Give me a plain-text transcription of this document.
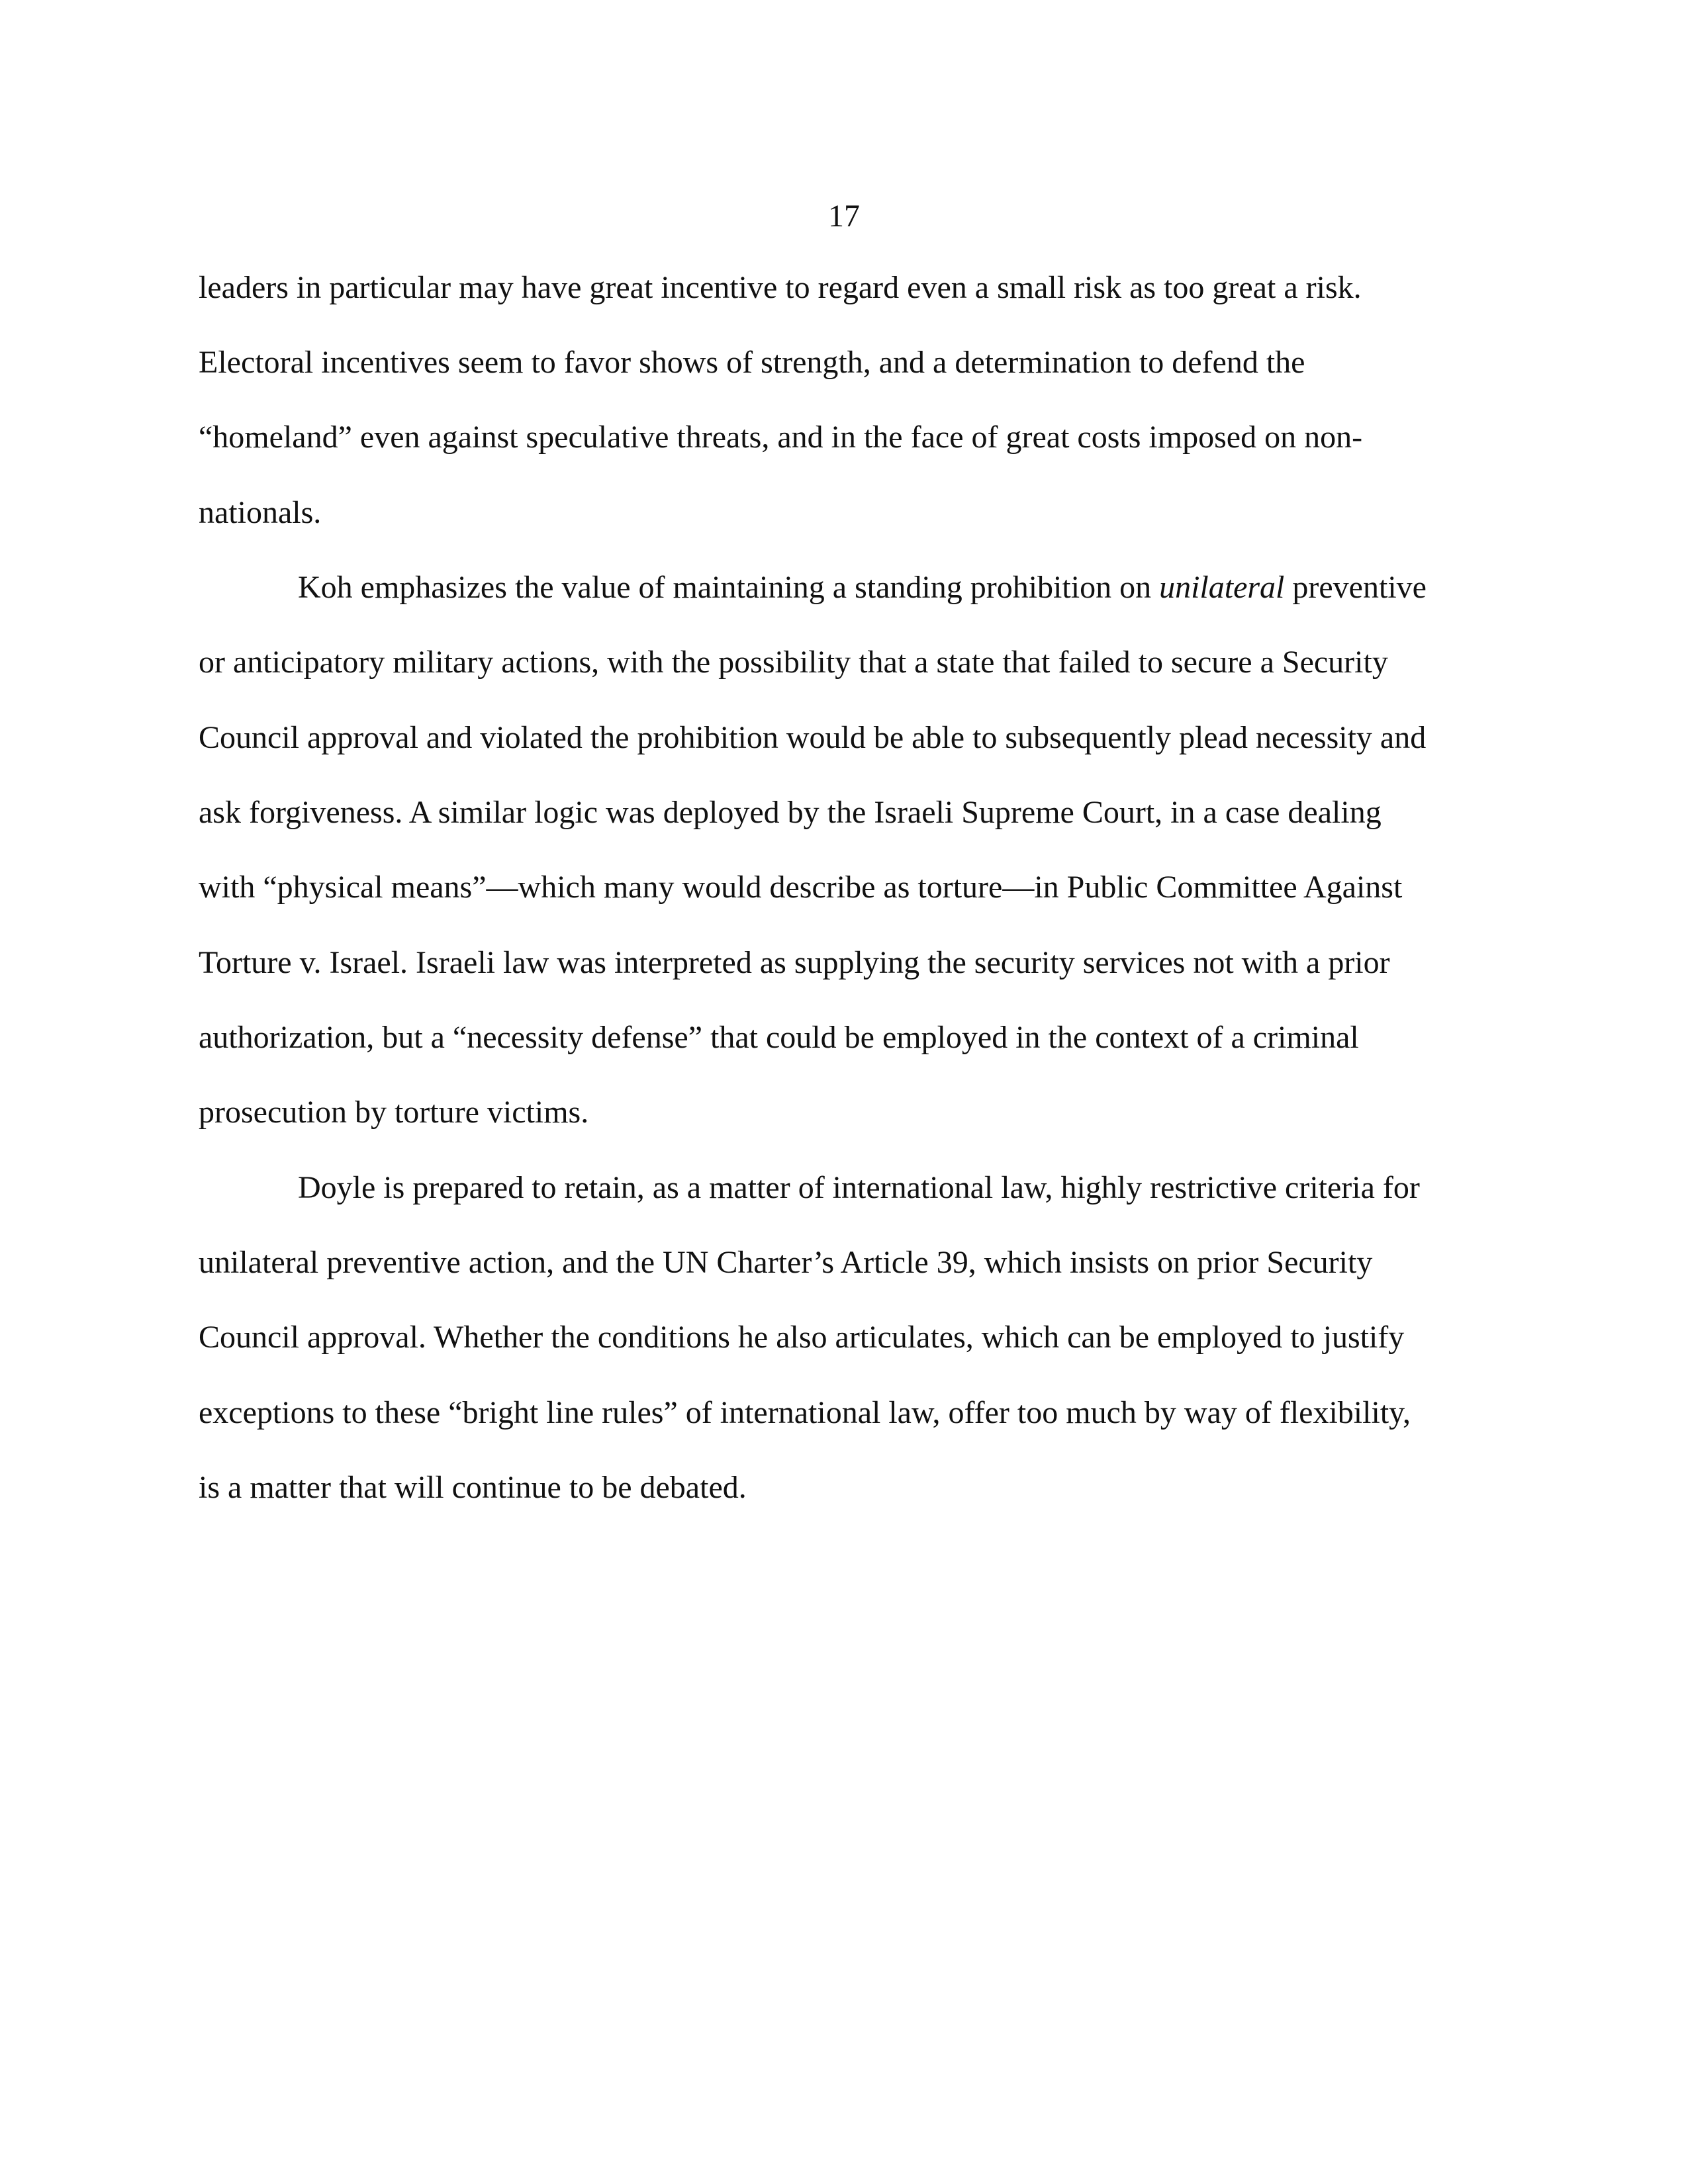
17
leaders in particular may have great incentive to regard even a small risk as too great a risk.
Electoral incentives seem to favor shows of strength, and a determination to defend the
“homeland” even against speculative threats, and in the face of great costs imposed on non-
nationals.
Koh emphasizes the value of maintaining a standing prohibition on unilateral preventive
or anticipatory military actions, with the possibility that a state that failed to secure a Security
Council approval and violated the prohibition would be able to subsequently plead necessity and
ask forgiveness. A similar logic was deployed by the Israeli Supreme Court, in a case dealing
with “physical means”—which many would describe as torture—in Public Committee Against
Torture v. Israel. Israeli law was interpreted as supplying the security services not with a prior
authorization, but a “necessity defense” that could be employed in the context of a criminal
prosecution by torture victims.
Doyle is prepared to retain, as a matter of international law, highly restrictive criteria for
unilateral preventive action, and the UN Charter’s Article 39, which insists on prior Security
Council approval. Whether the conditions he also articulates, which can be employed to justify
exceptions to these “bright line rules” of international law, offer too much by way of flexibility,
is a matter that will continue to be debated.
